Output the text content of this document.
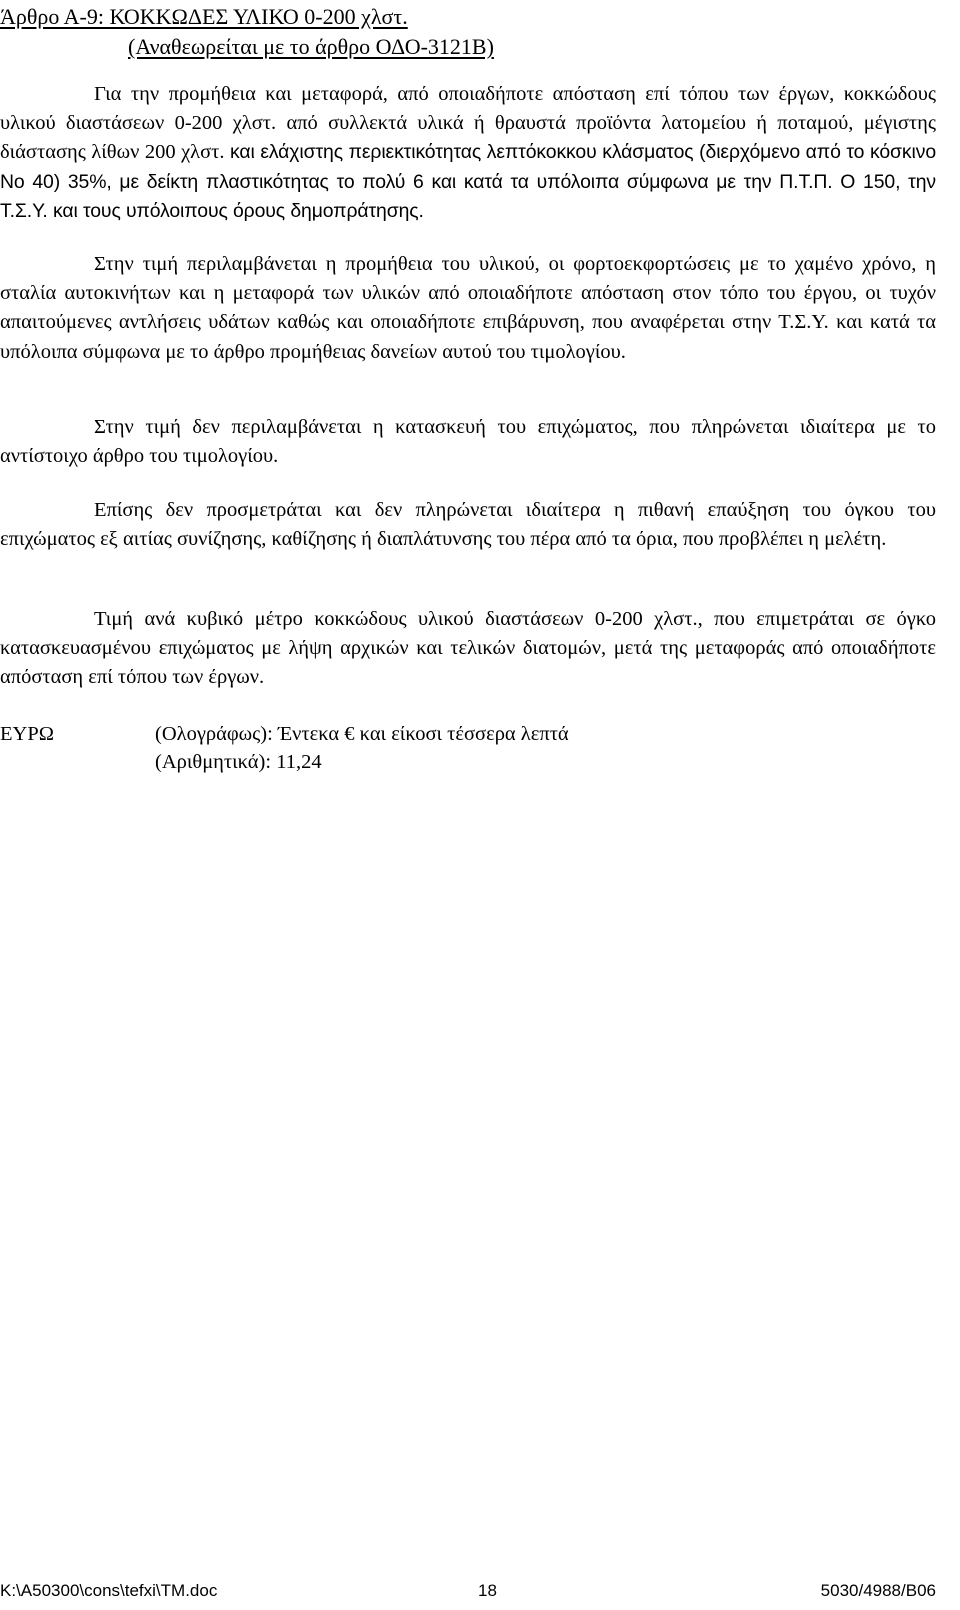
Άρθρο Α-9: ΚΟΚΚΩΔΕΣ ΥΛΙΚΟ 0-200 χλστ.
(Αναθεωρείται με το άρθρο ΟΔΟ-3121Β)
Για την προμήθεια και μεταφορά, από οποιαδήποτε απόσταση επί τόπου των έργων, κοκκώδους υλικού διαστάσεων 0-200 χλστ. από συλλεκτά υλικά ή θραυστά προϊόντα λατομείου ή ποταμού, μέγιστης διάστασης λίθων 200 χλστ. και ελάχιστης περιεκτικότητας λεπτόκοκκου κλάσματος (διερχόμενο από το κόσκινο Νο 40) 35%, με δείκτη πλαστικότητας το πολύ 6 και κατά τα υπόλοιπα σύμφωνα με την Π.Τ.Π. Ο 150, την Τ.Σ.Υ. και τους υπόλοιπους όρους δημοπράτησης.
Στην τιμή περιλαμβάνεται η προμήθεια του υλικού, οι φορτοεκφορτώσεις με το χαμένο χρόνο, η σταλία αυτοκινήτων και η μεταφορά των υλικών από οποιαδήποτε απόσταση στον τόπο του έργου, οι τυχόν απαιτούμενες αντλήσεις υδάτων καθώς και οποιαδήποτε επιβάρυνση, που αναφέρεται στην Τ.Σ.Υ. και κατά τα υπόλοιπα σύμφωνα με το άρθρο προμήθειας δανείων αυτού του τιμολογίου.
Στην τιμή δεν περιλαμβάνεται η κατασκευή του επιχώματος, που πληρώνεται ιδιαίτερα με το αντίστοιχο άρθρο του τιμολογίου.
Επίσης δεν προσμετράται και δεν πληρώνεται ιδιαίτερα η πιθανή επαύξηση του όγκου του επιχώματος εξ αιτίας συνίζησης, καθίζησης ή διαπλάτυνσης του πέρα από τα όρια, που προβλέπει η μελέτη.
Τιμή ανά κυβικό μέτρο κοκκώδους υλικού διαστάσεων 0-200 χλστ., που επιμετράται σε όγκο κατασκευασμένου επιχώματος με λήψη αρχικών και τελικών διατομών, μετά της μεταφοράς από οποιαδήποτε απόσταση επί τόπου των έργων.
ΕΥΡΩ	(Ολογράφως): Έντεκα € και είκοσι τέσσερα λεπτά
(Αριθμητικά): 11,24
K:\A50300\cons\tefxi\TM.doc	18	5030/4988/B06
